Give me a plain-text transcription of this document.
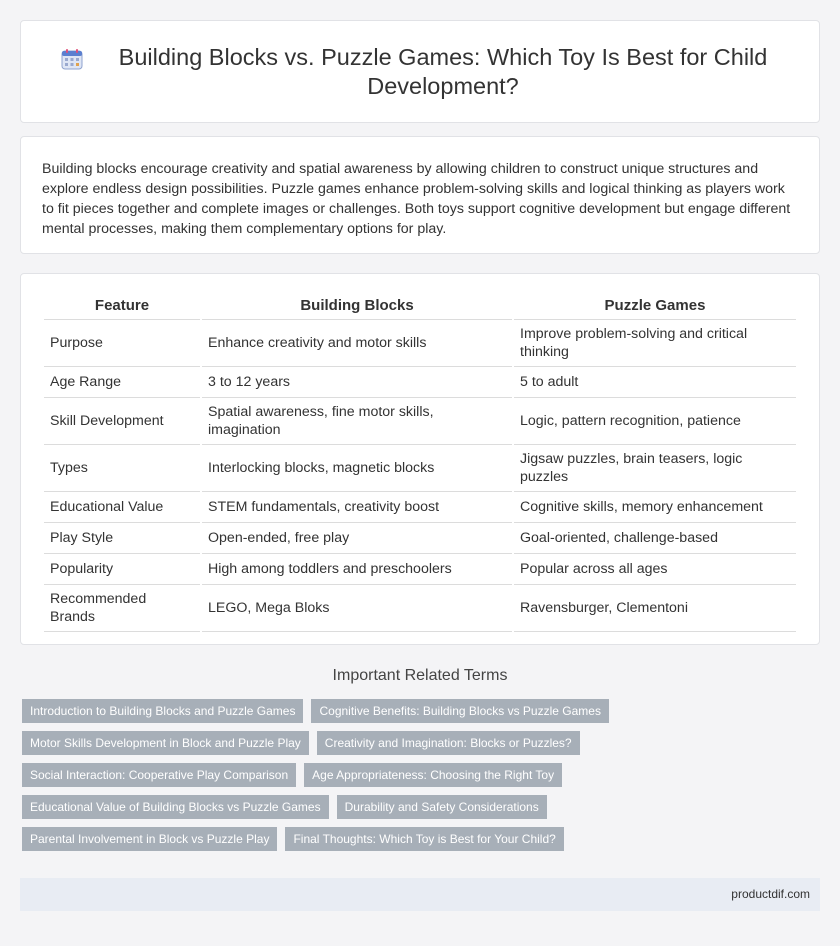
Building Blocks vs. Puzzle Games: Which Toy Is Best for Child Development?

Building blocks encourage creativity and spatial awareness by allowing children to construct unique structures and explore endless design possibilities. Puzzle games enhance problem-solving skills and logical thinking as players work to fit pieces together and complete images or challenges. Both toys support cognitive development but engage different mental processes, making them complementary options for play.

Feature	Building Blocks	Puzzle Games
Purpose	Enhance creativity and motor skills	Improve problem-solving and critical thinking
Age Range	3 to 12 years	5 to adult
Skill Development	Spatial awareness, fine motor skills, imagination	Logic, pattern recognition, patience
Types	Interlocking blocks, magnetic blocks	Jigsaw puzzles, brain teasers, logic puzzles
Educational Value	STEM fundamentals, creativity boost	Cognitive skills, memory enhancement
Play Style	Open-ended, free play	Goal-oriented, challenge-based
Popularity	High among toddlers and preschoolers	Popular across all ages
Recommended Brands	LEGO, Mega Bloks	Ravensburger, Clementoni
Important Related Terms
Introduction to Building Blocks and Puzzle Games	Cognitive Benefits: Building Blocks vs Puzzle Games
Motor Skills Development in Block and Puzzle Play	Creativity and Imagination: Blocks or Puzzles?
Social Interaction: Cooperative Play Comparison	Age Appropriateness: Choosing the Right Toy
Educational Value of Building Blocks vs Puzzle Games	Durability and Safety Considerations
Parental Involvement in Block vs Puzzle Play	Final Thoughts: Which Toy is Best for Your Child?
productdif.com
